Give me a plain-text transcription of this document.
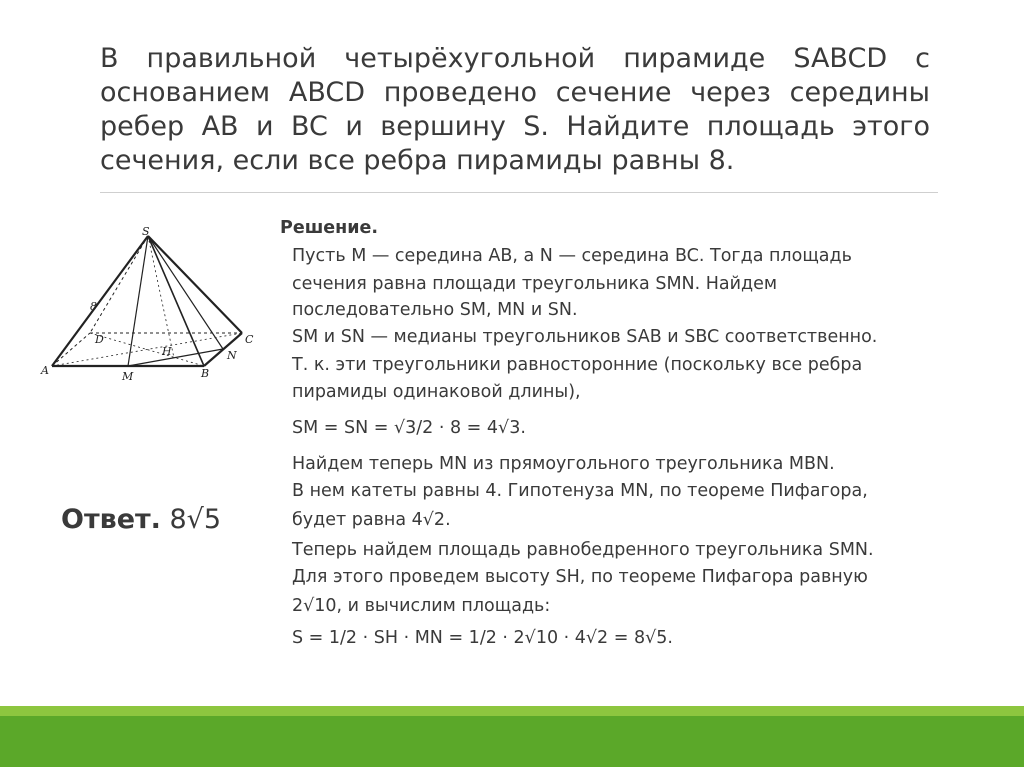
В правильной четырёхугольной пирамиде SABCD с основанием ABCD проведено сечение через середины ребер AB и BC и вершину S. Найдите площадь этого сечения, если все ребра пирамиды равны 8.
S
A	M	B
C
D
N
H
8
Решение.
Пусть M — середина AB, а N — середина BC. Тогда площадь
сечения равна площади треугольника SMN. Найдем
последовательно SM, MN и SN.
SM и SN — медианы треугольников SAB и SBC соответственно.
Т. к. эти треугольники равносторонние (поскольку все ребра
пирамиды одинаковой длины),
SM = SN = √3/2 · 8 = 4√3.
Найдем теперь MN из прямоугольного треугольника MBN.
В нем катеты равны 4. Гипотенуза MN, по теореме Пифагора,
будет равна 4√2.
Теперь найдем площадь равнобедренного треугольника SMN.
Для этого проведем высоту SH, по теореме Пифагора равную
2√10, и вычислим площадь:
S = 1/2 · SH · MN = 1/2 · 2√10 · 4√2 = 8√5.
Ответ. 8√5
